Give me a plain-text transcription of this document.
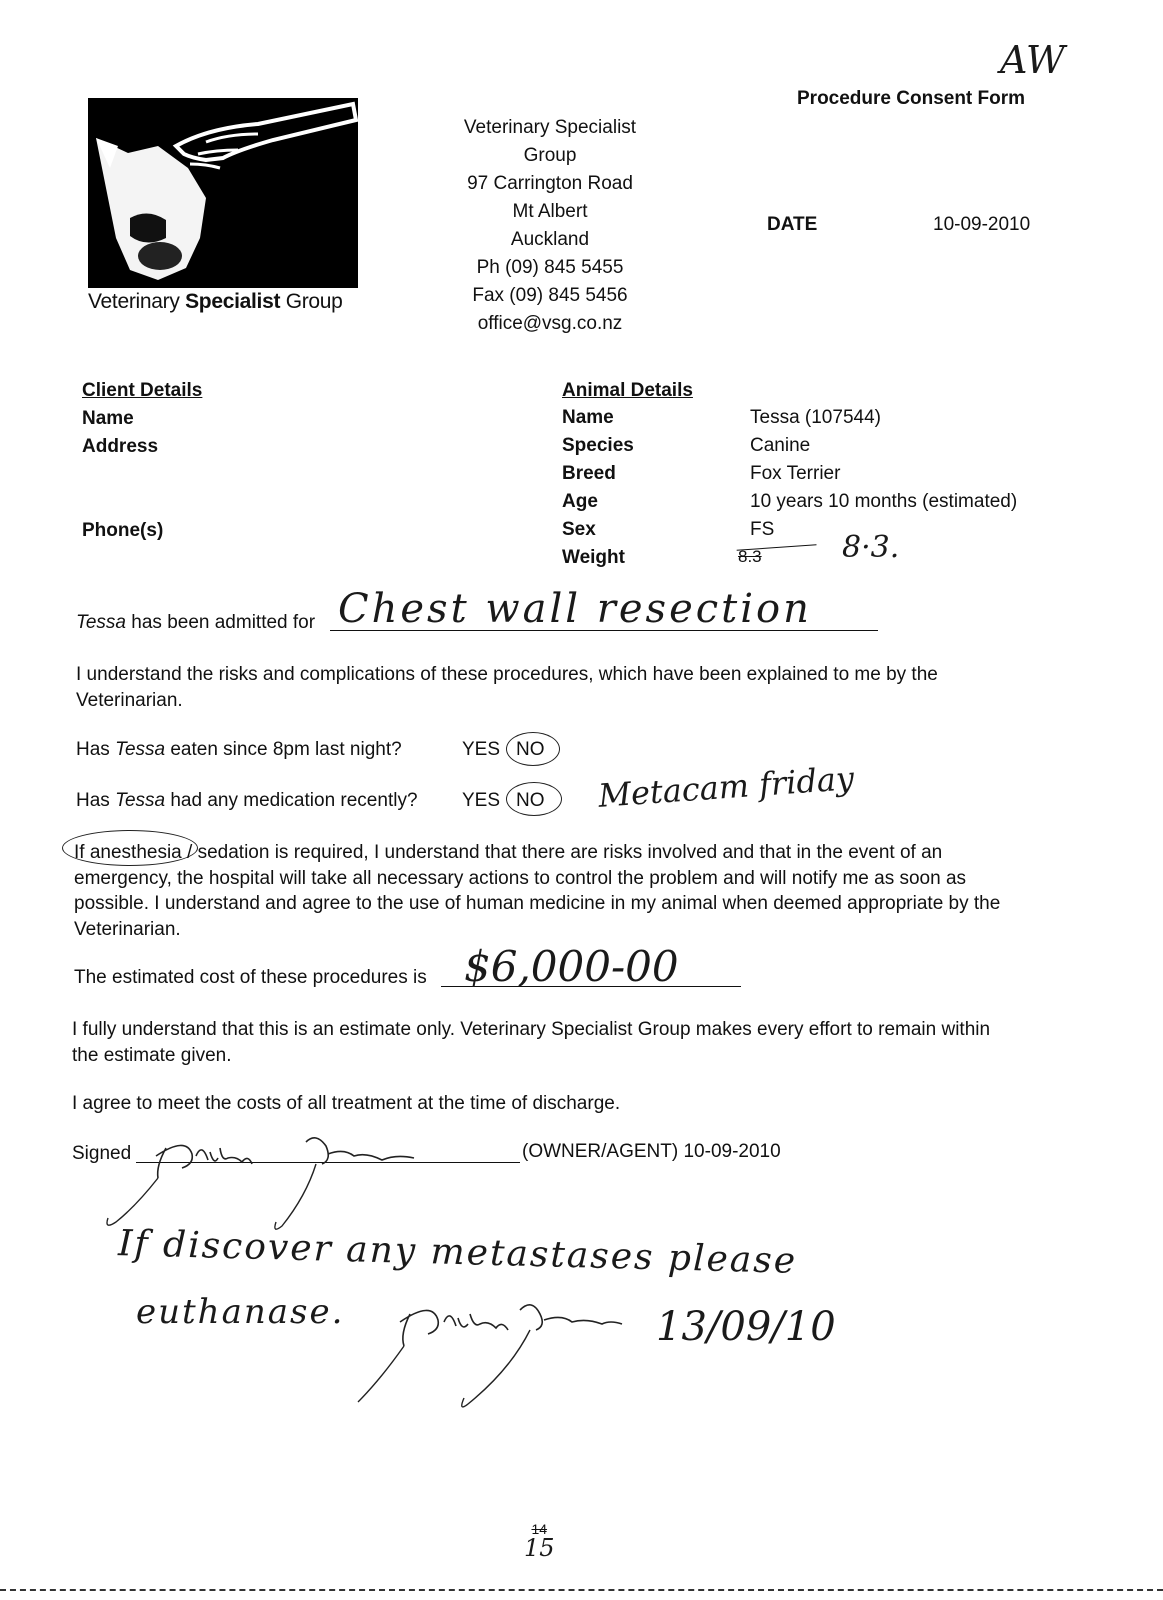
Veterinary Specialist Group
AW
Procedure Consent Form
Veterinary Specialist
Group
97 Carrington Road
Mt Albert
Auckland
Ph (09) 845 5455
Fax (09) 845 5456
office@vsg.co.nz
DATE	10-09-2010
Client Details
Name
Address
Phone(s)
Animal Details
Name	Tessa (107544)
Species	Canine
Breed	Fox Terrier
Age	10 years 10 months (estimated)
Sex	FS
Weight	8.3	8·3.
Tessa has been admitted for Chest wall resection
I understand the risks and complications of these procedures, which have been explained to me by the Veterinarian.
Has Tessa eaten since 8pm last night?	YES NO
Has Tessa had any medication recently? YES NO Metacam friday
If anesthesia / sedation is required, I understand that there are risks involved and that in the event of an emergency, the hospital will take all necessary actions to control the problem and will notify me as soon as possible. I understand and agree to the use of human medicine in my animal when deemed appropriate by the Veterinarian.
The estimated cost of these procedures is $6,000-00
I fully understand that this is an estimate only. Veterinary Specialist Group makes every effort to remain within the estimate given.
I agree to meet the costs of all treatment at the time of discharge.
Signed	(OWNER/AGENT) 10-09-2010
If discover any metastases please
euthanase.	13/09/10
14
15
